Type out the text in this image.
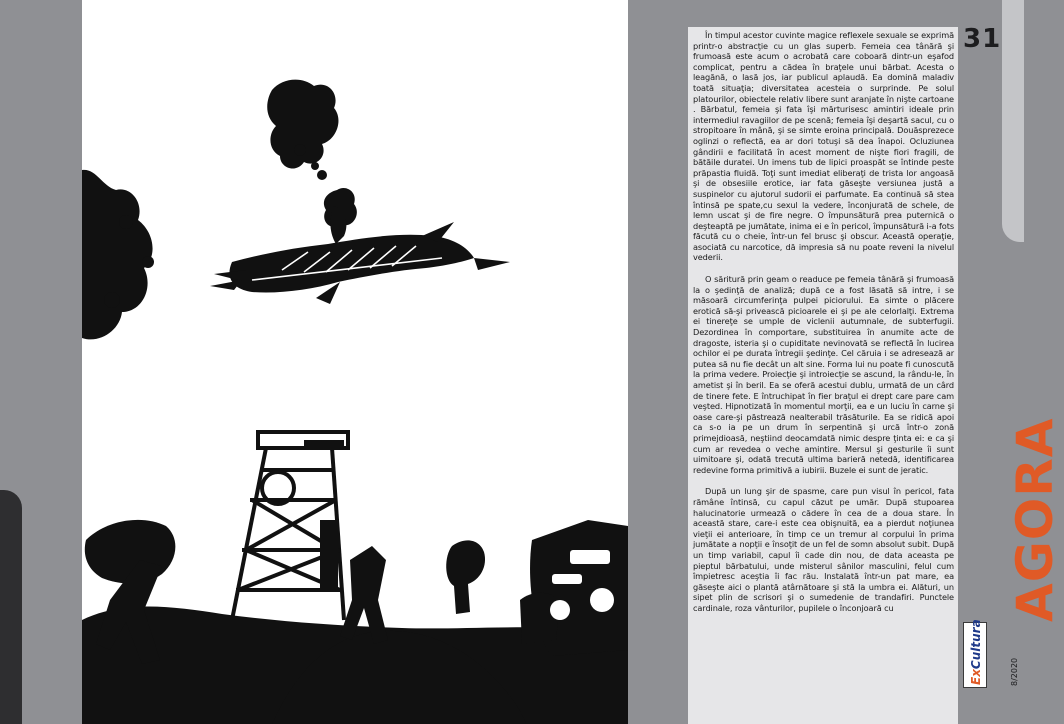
În timpul acestor cuvinte magice reflexele sexuale se exprimă printr-o abstracţie cu un glas superb. Femeia cea tânără şi frumoasă este acum o acrobată care coboară dintr-un eşafod complicat, pentru a cădea în braţele unui bărbat. Acesta o leagănă, o lasă jos, iar publicul aplaudă. Ea domină maladiv toată situaţia; diversitatea acesteia o surprinde. Pe solul platourilor, obiectele relativ libere sunt aranjate în nişte cartoane . Bărbatul, femeia şi fata îşi mărturisesc amintiri ideale prin intermediul ravagiilor de pe scenă; femeia îşi deşartă sacul, cu o stropitoare în mână, şi se simte eroina principală. Douăsprezece oglinzi o reflectă, ea ar dori totuşi să dea înapoi. Ocluziunea gândirii e facilitată în acest moment de nişte fiori fragili, de bătăile duratei. Un imens tub de lipici proaspăt se întinde peste prăpastia fluidă. Toţi sunt imediat eliberaţi de trista lor angoasă şi de obsesiile erotice, iar fata găseşte versiunea justă a suspinelor cu ajutorul sudorii ei parfumate. Ea continuă să stea întinsă pe spate,cu sexul la vedere, înconjurată de schele, de lemn uscat şi de fire negre. O împunsătură prea puternică o deşteaptă pe jumătate, inima ei e în pericol, împunsătură i-a fots făcută cu o cheie, într-un fel brusc şi obscur. Această operaţie, asociată cu narcotice, dă impresia să nu poate reveni la nivelul vederii.

O săritură prin geam o readuce pe femeia tânără şi frumoasă la o şedinţă de analiză; după ce a fost lăsată să intre, i se măsoară circumferinţa pulpei piciorului. Ea simte o plăcere erotică să-şi privească picioarele ei şi pe ale celorlalţi. Extrema ei tinereţe se umple de viclenii autumnale, de subterfugii. Dezordinea în comportare, substituirea în anumite acte de dragoste, isteria şi o cupiditate nevinovată se reflectă în lucirea ochilor ei pe durata întregii şedinţe. Cel căruia i se adresează ar putea să nu fie decât un alt sine. Forma lui nu poate fi cunoscută la prima vedere. Proiecţie şi introiecţie se ascund, la rându-le, în ametist şi în beril. Ea se oferă acestui dublu, urmată de un cârd de tinere fete. E întruchipat în fier braţul ei drept care pare cam veşted. Hipnotizată în momentul morţii, ea e un luciu în carne şi oase care-şi păstrează nealterabil trăsăturile. Ea se ridică apoi ca s-o ia pe un drum în serpentină şi urcă într-o zonă primejdioasă, neştiind deocamdată nimic despre ţinta ei: e ca şi cum ar revedea o veche amintire. Mersul şi gesturile îi sunt uimitoare şi, odată trecută ultima barieră netedă, identificarea redevine forma primitivă a iubirii. Buzele ei sunt de jeratic.

După un lung şir de spasme, care pun visul în pericol, fata rămâne întinsă, cu capul căzut pe umăr. După stupoarea halucinatorie urmează o cădere în cea de a doua stare. În această stare, care-i este cea obişnuită, ea a pierdut noţiunea vieţii ei anterioare, în timp ce un tremur al corpului în prima jumătate a nopţii e însoţit de un fel de somn absolut subit. După un timp variabil, capul îi cade din nou, de data aceasta pe pieptul bărbatului, unde misterul sânilor masculini, felul cum împietresc aceştia îi fac rău. Instalată într-un pat mare, ea găseşte aici o plantă atârnătoare şi stă la umbra ei. Alături, un sipet plin de scrisori şi o sumedenie de trandafiri. Punctele cardinale, roza vânturilor, pupilele o înconjoară cu

31
AGORA
8/2020
ExCultura
